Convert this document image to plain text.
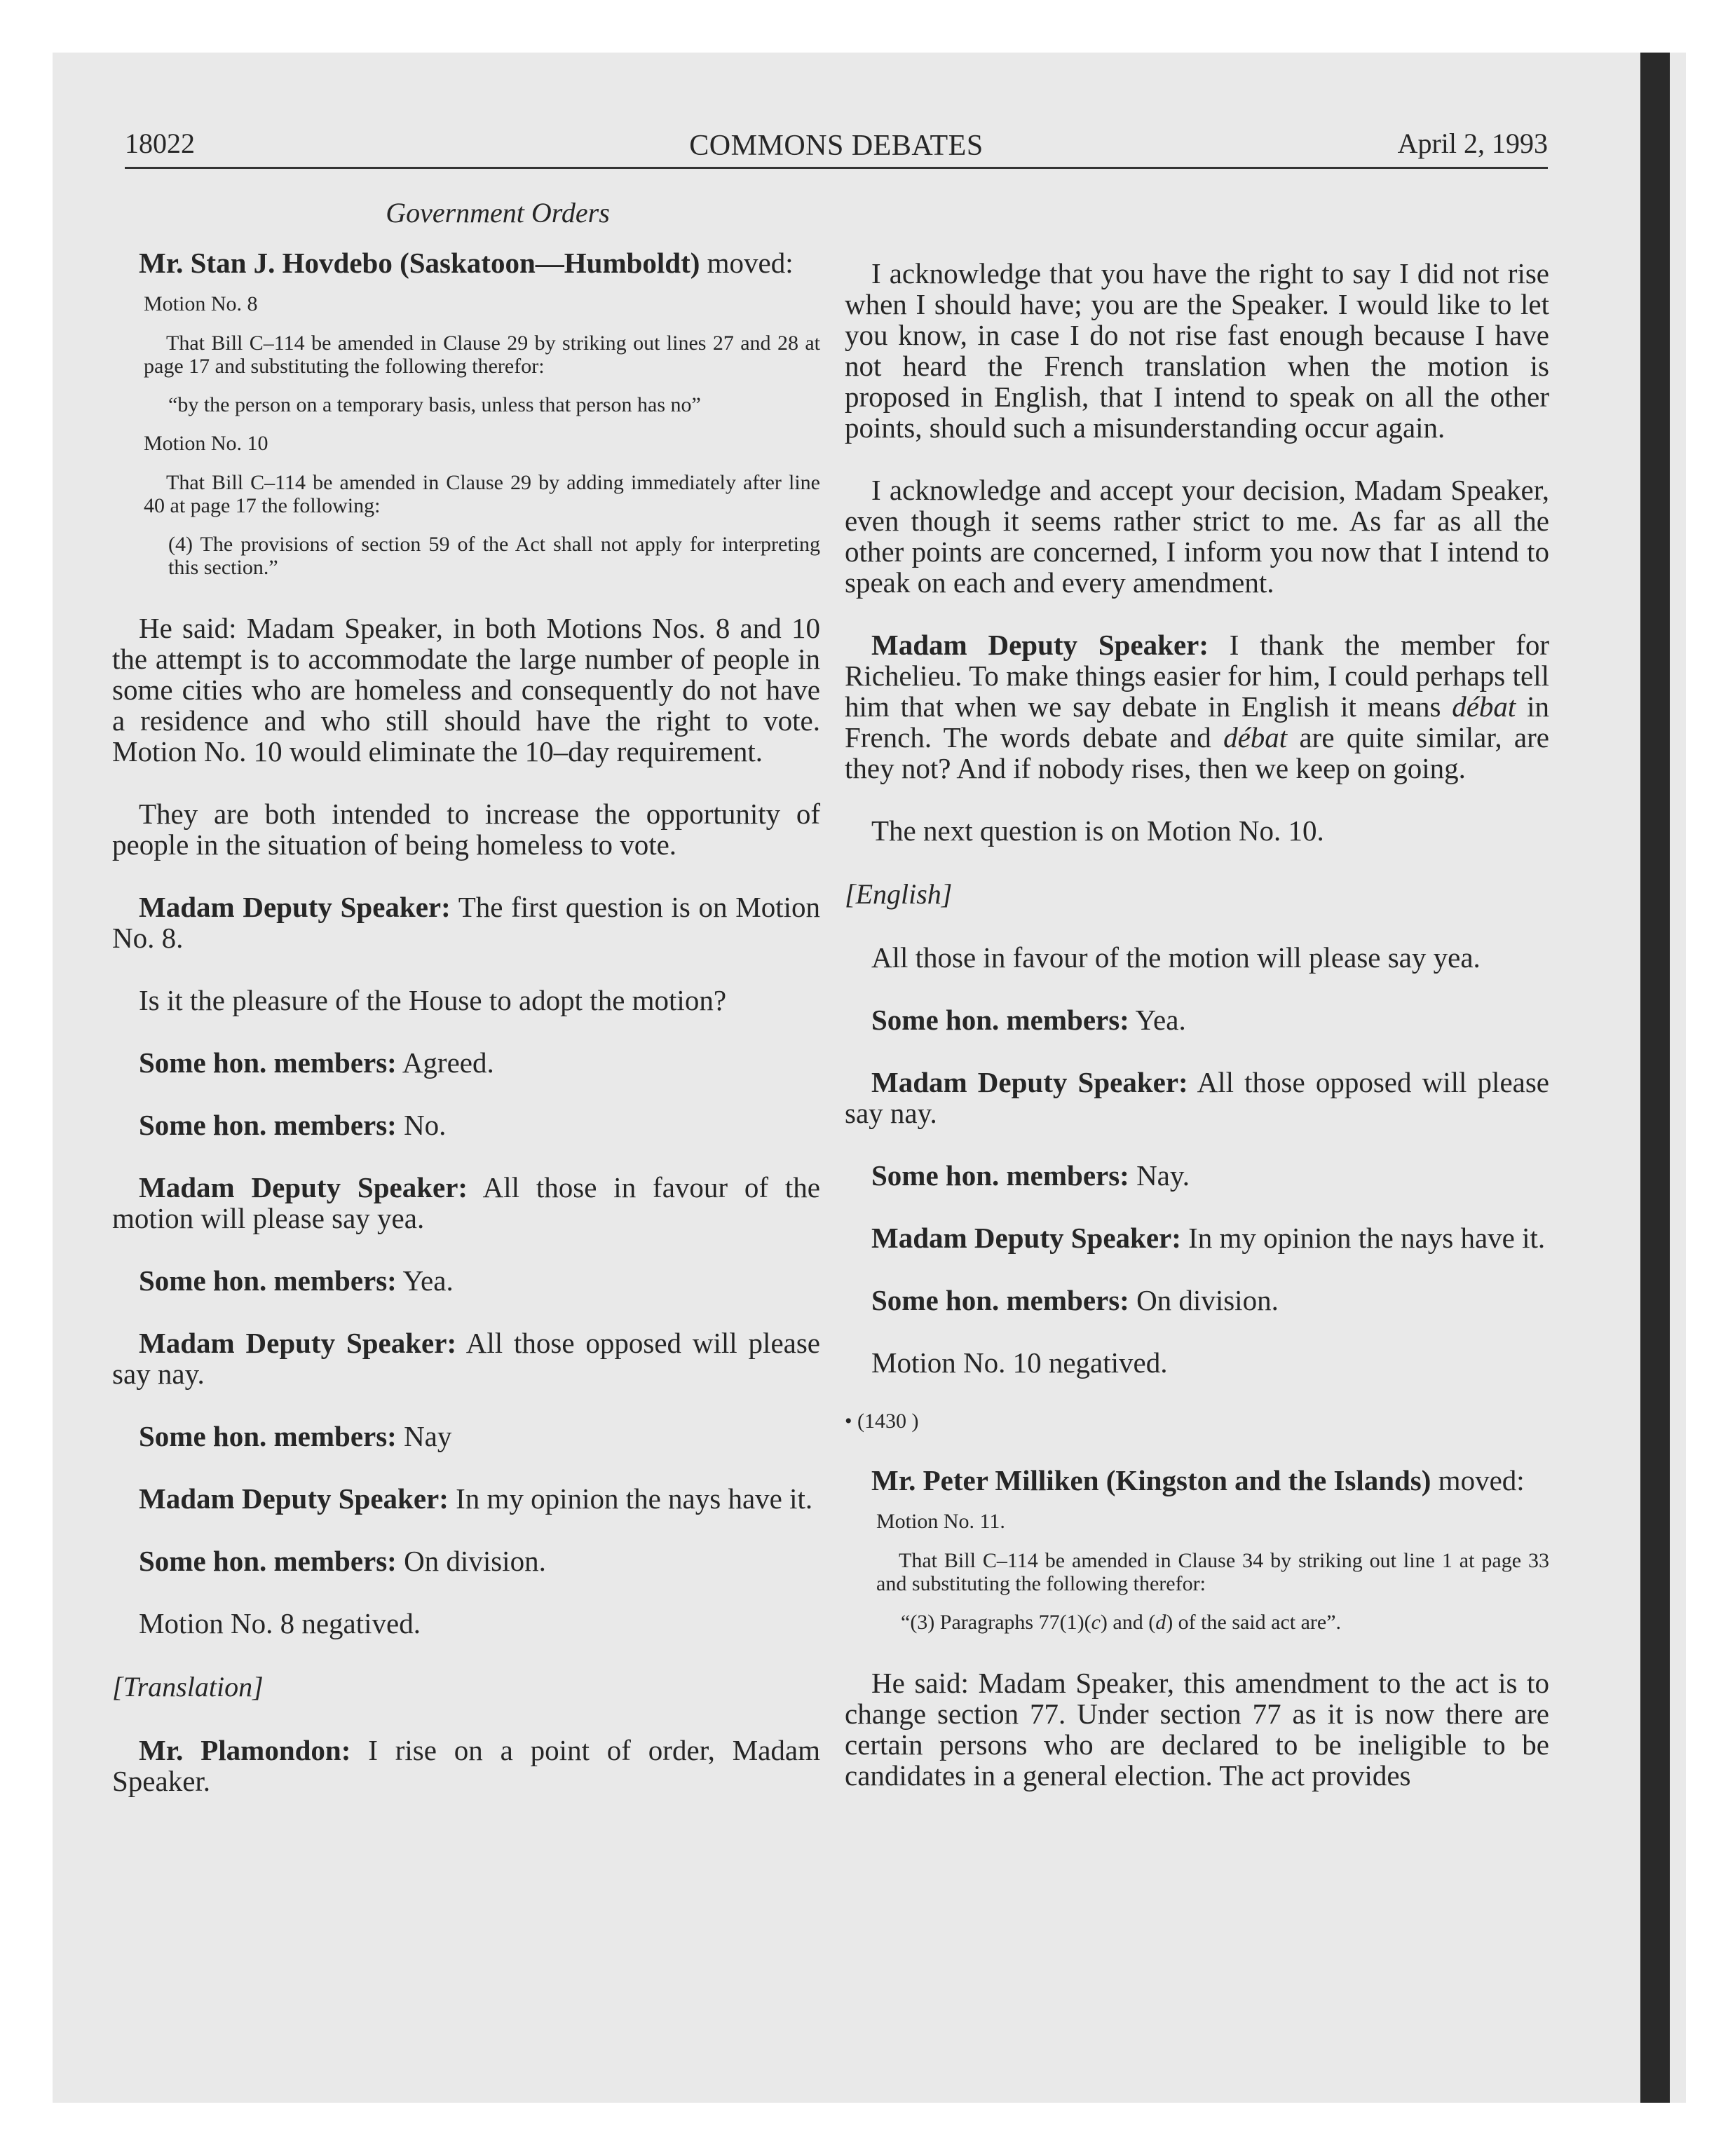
18022	COMMONS DEBATES	April 2, 1993

Government Orders

Mr. Stan J. Hovdebo (Saskatoon—Humboldt) moved:

Motion No. 8

That Bill C–114 be amended in Clause 29 by striking out lines 27 and 28 at page 17 and substituting the following therefor:

“by the person on a temporary basis, unless that person has no”

Motion No. 10

That Bill C–114 be amended in Clause 29 by adding immediately after line 40 at page 17 the following:

(4) The provisions of section 59 of the Act shall not apply for interpreting this section.”

He said: Madam Speaker, in both Motions Nos. 8 and 10 the attempt is to accommodate the large number of people in some cities who are homeless and consequently do not have a residence and who still should have the right to vote. Motion No. 10 would eliminate the 10–day requirement.

They are both intended to increase the opportunity of people in the situation of being homeless to vote.

Madam Deputy Speaker: The first question is on Motion No. 8.

Is it the pleasure of the House to adopt the motion?

Some hon. members: Agreed.

Some hon. members: No.

Madam Deputy Speaker: All those in favour of the motion will please say yea.

Some hon. members: Yea.

Madam Deputy Speaker: All those opposed will please say nay.

Some hon. members: Nay

Madam Deputy Speaker: In my opinion the nays have it.

Some hon. members: On division.

Motion No. 8 negatived.

[Translation]

Mr. Plamondon: I rise on a point of order, Madam Speaker.

I acknowledge that you have the right to say I did not rise when I should have; you are the Speaker. I would like to let you know, in case I do not rise fast enough because I have not heard the French translation when the motion is proposed in English, that I intend to speak on all the other points, should such a misunderstanding occur again.

I acknowledge and accept your decision, Madam Speaker, even though it seems rather strict to me. As far as all the other points are concerned, I inform you now that I intend to speak on each and every amendment.

Madam Deputy Speaker: I thank the member for Richelieu. To make things easier for him, I could perhaps tell him that when we say debate in English it means débat in French. The words debate and débat are quite similar, are they not? And if nobody rises, then we keep on going.

The next question is on Motion No. 10.

[English]

All those in favour of the motion will please say yea.

Some hon. members: Yea.

Madam Deputy Speaker: All those opposed will please say nay.

Some hon. members: Nay.

Madam Deputy Speaker: In my opinion the nays have it.

Some hon. members: On division.

Motion No. 10 negatived.

• (1430 )

Mr. Peter Milliken (Kingston and the Islands) moved:

Motion No. 11.

That Bill C–114 be amended in Clause 34 by striking out line 1 at page 33 and substituting the following therefor:

“(3) Paragraphs 77(1)(c) and (d) of the said act are”.

He said: Madam Speaker, this amendment to the act is to change section 77. Under section 77 as it is now there are certain persons who are declared to be ineligible to be candidates in a general election. The act provides
